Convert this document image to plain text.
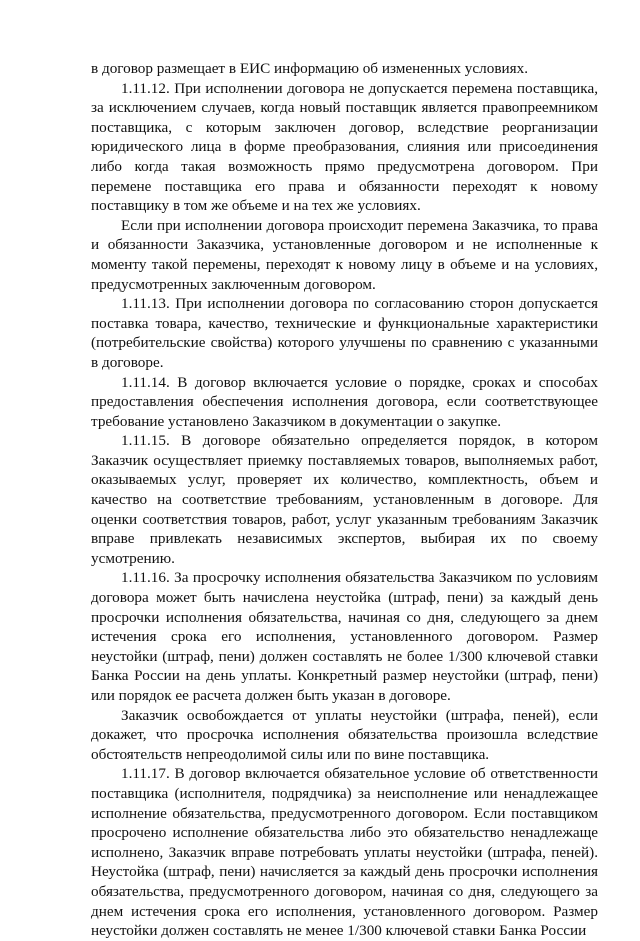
в договор размещает в ЕИС информацию об измененных условиях.

1.11.12. При исполнении договора не допускается перемена поставщика, за исключением случаев, когда новый поставщик является правопреемником поставщика, с которым заключен договор, вследствие реорганизации юридического лица в форме преобразования, слияния или присоединения либо когда такая возможность прямо предусмотрена договором. При перемене поставщика его права и обязанности переходят к новому поставщику в том же объеме и на тех же условиях.

Если при исполнении договора происходит перемена Заказчика, то права и обязанности Заказчика, установленные договором и не исполненные к моменту такой перемены, переходят к новому лицу в объеме и на условиях, предусмотренных заключенным договором.

1.11.13. При исполнении договора по согласованию сторон допускается поставка товара, качество, технические и функциональные характеристики (потребительские свойства) которого улучшены по сравнению с указанными в договоре.

1.11.14. В договор включается условие о порядке, сроках и способах предоставления обеспечения исполнения договора, если соответствующее требование установлено Заказчиком в документации о закупке.

1.11.15. В договоре обязательно определяется порядок, в котором Заказчик осуществляет приемку поставляемых товаров, выполняемых работ, оказываемых услуг, проверяет их количество, комплектность, объем и качество на соответствие требованиям, установленным в договоре. Для оценки соответствия товаров, работ, услуг указанным требованиям Заказчик вправе привлекать независимых экспертов, выбирая их по своему усмотрению.

1.11.16. За просрочку исполнения обязательства Заказчиком по условиям договора может быть начислена неустойка (штраф, пени) за каждый день просрочки исполнения обязательства, начиная со дня, следующего за днем истечения срока его исполнения, установленного договором. Размер неустойки (штраф, пени) должен составлять не более 1/300 ключевой ставки Банка России на день уплаты. Конкретный размер неустойки (штраф, пени) или порядок ее расчета должен быть указан в договоре.

Заказчик освобождается от уплаты неустойки (штрафа, пеней), если докажет, что просрочка исполнения обязательства произошла вследствие обстоятельств непреодолимой силы или по вине поставщика.

1.11.17. В договор включается обязательное условие об ответственности поставщика (исполнителя, подрядчика) за неисполнение или ненадлежащее исполнение обязательства, предусмотренного договором. Если поставщиком просрочено исполнение обязательства либо это обязательство ненадлежаще исполнено, Заказчик вправе потребовать уплаты неустойки (штрафа, пеней). Неустойка (штраф, пени) начисляется за каждый день просрочки исполнения обязательства, предусмотренного договором, начиная со дня, следующего за днем истечения срока его исполнения, установленного договором. Размер неустойки должен составлять не менее 1/300 ключевой ставки Банка России
